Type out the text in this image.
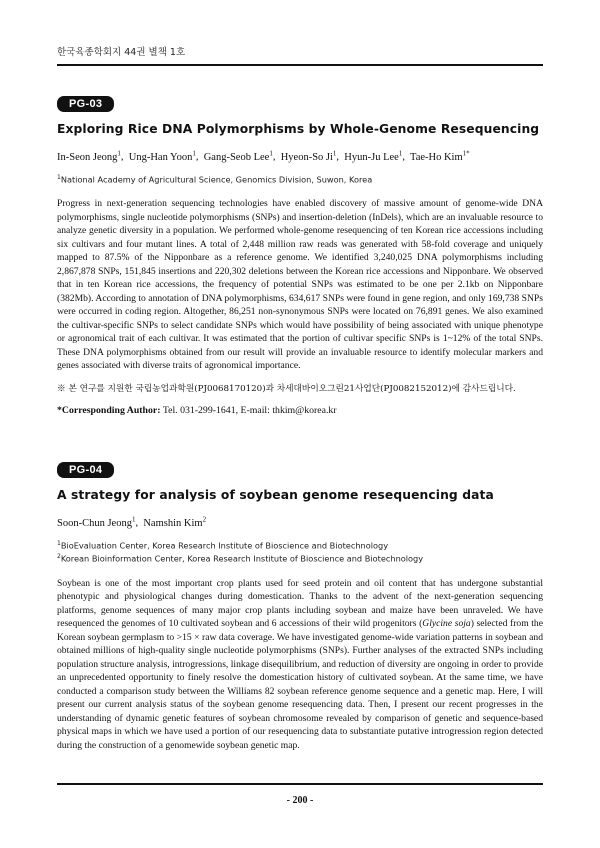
한국육종학회지 44권 별책 1호
PG-03
Exploring Rice DNA Polymorphisms by Whole-Genome Resequencing
In-Seon Jeong$^1$,  Ung-Han Yoon$^1$,  Gang-Seob Lee$^1$,  Hyeon-So Ji$^1$,  Hyun-Ju Lee$^1$,  Tae-Ho Kim$^{1*}$
$^1$National Academy of Agricultural Science, Genomics Division, Suwon, Korea
Progress in next-generation sequencing technologies have enabled discovery of massive amount of genome-wide DNA polymorphisms, single nucleotide polymorphisms (SNPs) and insertion-deletion (InDels), which are an invaluable resource to analyze genetic diversity in a population. We performed whole-genome resequencing of ten Korean rice accessions including six cultivars and four mutant lines. A total of 2,448 million raw reads was generated with 58-fold coverage and uniquely mapped to 87.5% of the Nipponbare as a reference genome. We identified 3,240,025 DNA polymorphisms including 2,867,878 SNPs, 151,845 insertions and 220,302 deletions between the Korean rice accessions and Nipponbare. We observed that in ten Korean rice accessions, the frequency of potential SNPs was estimated to be one per 2.1kb on Nipponbare (382Mb). According to annotation of DNA polymorphisms, 634,617 SNPs were found in gene region, and only 169,738 SNPs were occurred in coding region. Altogether, 86,251 non-synonymous SNPs were located on 76,891 genes. We also examined the cultivar-specific SNPs to select candidate SNPs which would have possibility of being associated with unique phenotype or agronomical trait of each cultivar. It was estimated that the portion of cultivar specific SNPs is 1~12% of the total SNPs. These DNA polymorphisms obtained from our result will provide an invaluable resource to identify molecular markers and genes associated with diverse traits of agronomical importance.
※ 본 연구를 지원한 국립농업과학원(PJ0068170120)과 차세대바이오그린21사업단(PJ0082152012)에 감사드립니다.
*Corresponding Author: Tel. 031-299-1641, E-mail: thkim@korea.kr
PG-04
A strategy for analysis of soybean genome resequencing data
Soon-Chun Jeong$^1$,  Namshin Kim$^2$
$^1$BioEvaluation Center, Korea Research Institute of Bioscience and Biotechnology
$^2$Korean Bioinformation Center, Korea Research Institute of Bioscience and Biotechnology
Soybean is one of the most important crop plants used for seed protein and oil content that has undergone substantial phenotypic and physiological changes during domestication. Thanks to the advent of the next-generation sequencing platforms, genome sequences of many major crop plants including soybean and maize have been unraveled. We have resequenced the genomes of 10 cultivated soybean and 6 accessions of their wild progenitors (Glycine soja) selected from the Korean soybean germplasm to >15 × raw data coverage. We have investigated genome-wide variation patterns in soybean and obtained millions of high-quality single nucleotide polymorphisms (SNPs). Further analyses of the extracted SNPs including population structure analysis, introgressions, linkage disequilibrium, and reduction of diversity are ongoing in order to provide an unprecedented opportunity to finely resolve the domestication history of cultivated soybean. At the same time, we have conducted a comparison study between the Williams 82 soybean reference genome sequence and a genetic map. Here, I will present our current analysis status of the soybean genome resequencing data. Then, I present our recent progresses in the understanding of dynamic genetic features of soybean chromosome revealed by comparison of genetic and sequence-based physical maps in which we have used a portion of our resequencing data to substantiate putative introgression region detected during the construction of a genomewide soybean genetic map.
- 200 -
